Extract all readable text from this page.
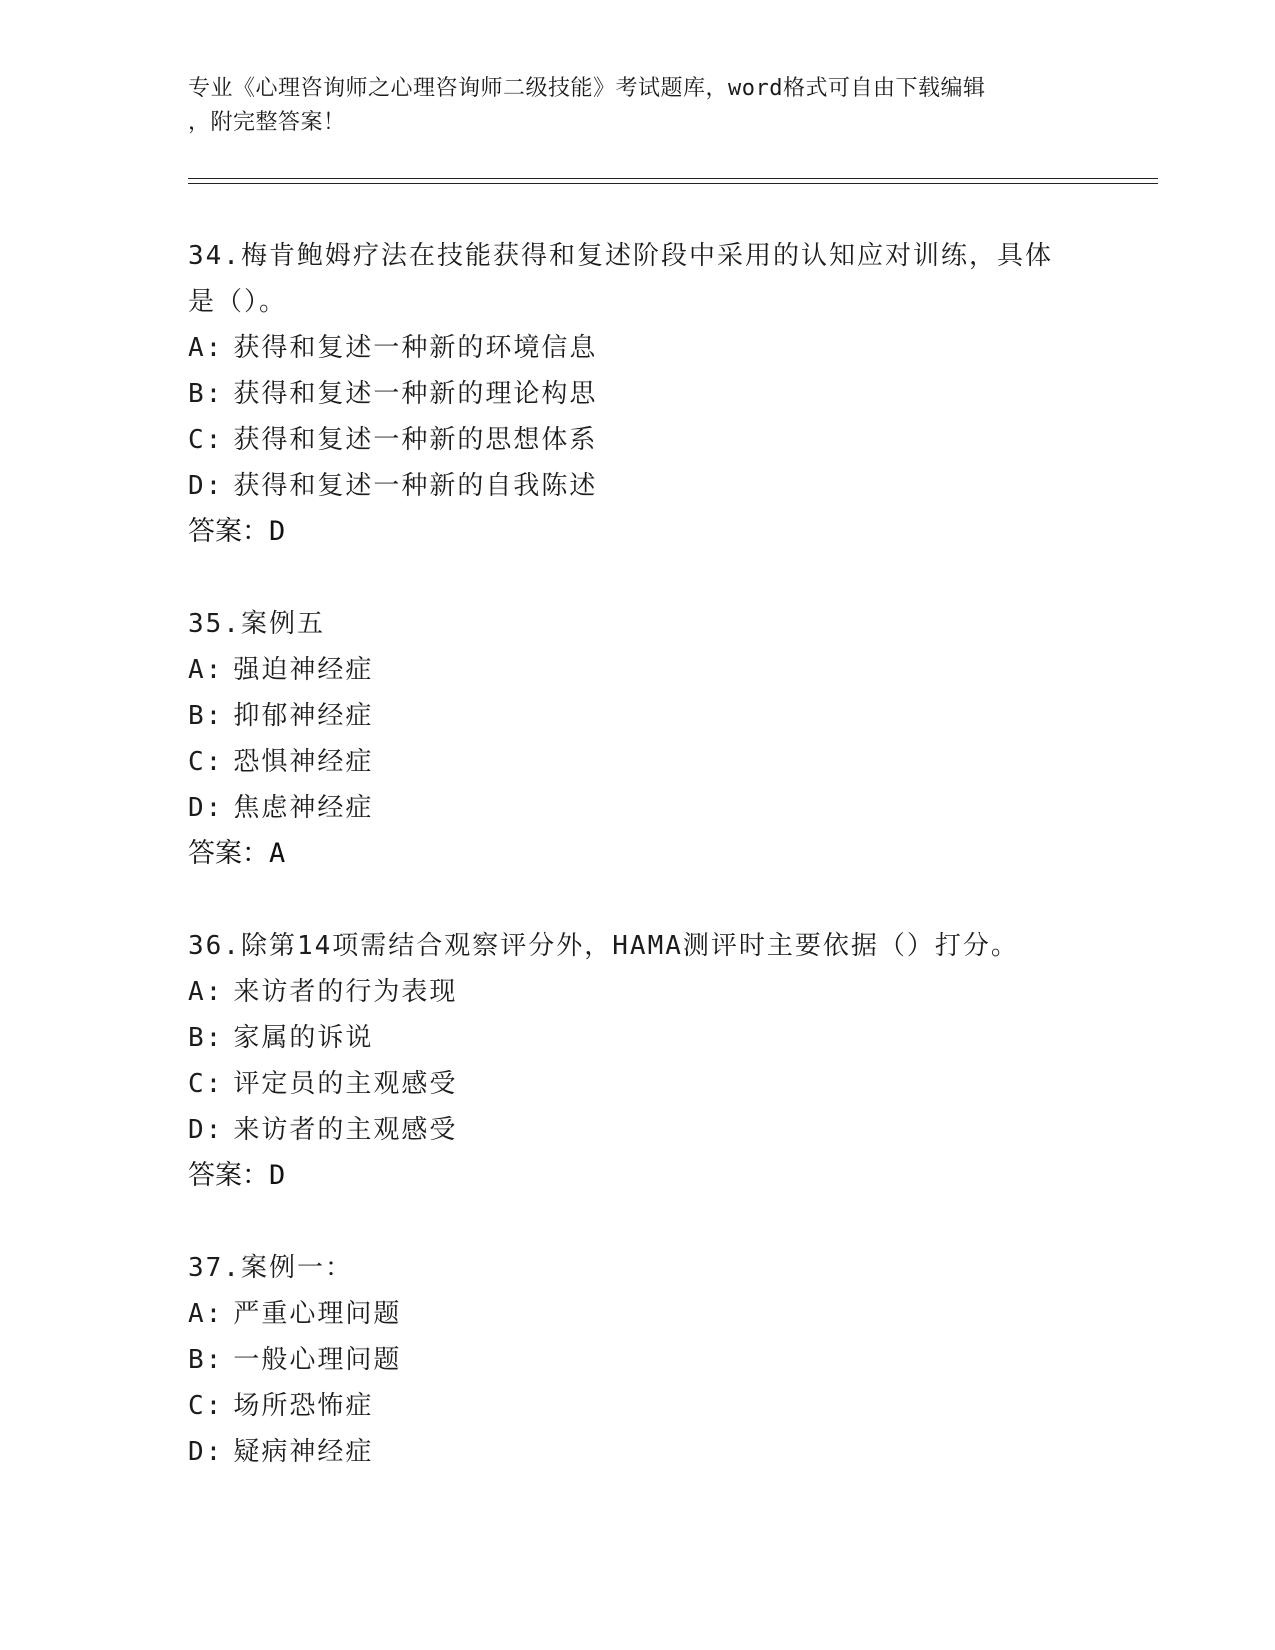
专业《心理咨询师之心理咨询师二级技能》考试题库，word格式可自由下载编辑
，附完整答案！
34.梅肯鲍姆疗法在技能获得和复述阶段中采用的认知应对训练，具体是（）。
A: 获得和复述一种新的环境信息
B: 获得和复述一种新的理论构思
C: 获得和复述一种新的思想体系
D: 获得和复述一种新的自我陈述
答案：D
35.案例五
A: 强迫神经症
B: 抑郁神经症
C: 恐惧神经症
D: 焦虑神经症
答案：A
36.除第14项需结合观察评分外，HAMA测评时主要依据（）打分。
A: 来访者的行为表现
B: 家属的诉说
C: 评定员的主观感受
D: 来访者的主观感受
答案：D
37.案例一：
A: 严重心理问题
B: 一般心理问题
C: 场所恐怖症
D: 疑病神经症
